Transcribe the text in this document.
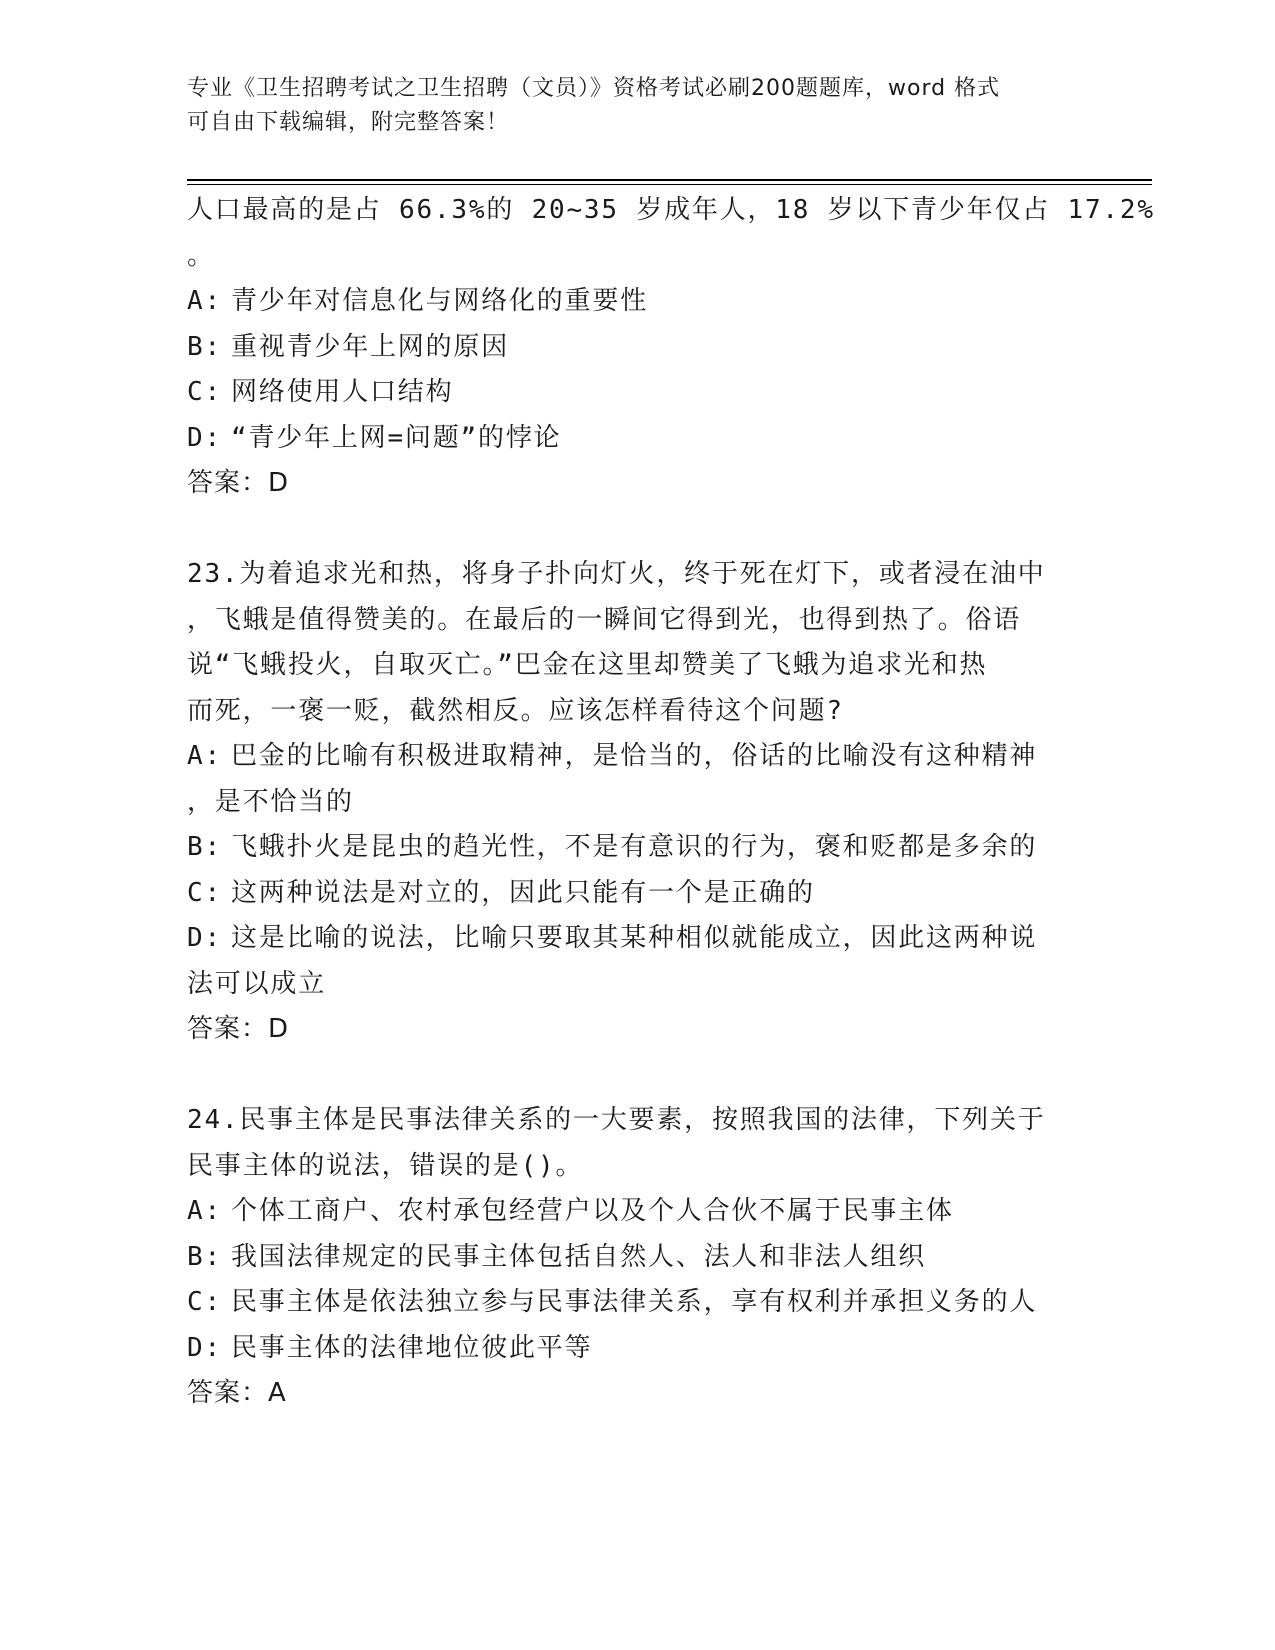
专业《卫生招聘考试之卫生招聘（文员）》资格考试必刷200题题库，word 格式
可自由下载编辑，附完整答案！
人口最高的是占 66.3%的 20~35 岁成年人，18 岁以下青少年仅占 17.2%
。
A: 青少年对信息化与网络化的重要性
B: 重视青少年上网的原因
C: 网络使用人口结构
D: “青少年上网=问题”的悖论
答案：D
23.为着追求光和热，将身子扑向灯火，终于死在灯下，或者浸在油中
，飞蛾是值得赞美的。在最后的一瞬间它得到光，也得到热了。俗语
说“飞蛾投火，自取灭亡。”巴金在这里却赞美了飞蛾为追求光和热
而死，一褒一贬，截然相反。应该怎样看待这个问题?
A: 巴金的比喻有积极进取精神，是恰当的，俗话的比喻没有这种精神
，是不恰当的
B: 飞蛾扑火是昆虫的趋光性，不是有意识的行为，褒和贬都是多余的
C: 这两种说法是对立的，因此只能有一个是正确的
D: 这是比喻的说法，比喻只要取其某种相似就能成立，因此这两种说
法可以成立
答案：D
24.民事主体是民事法律关系的一大要素，按照我国的法律，下列关于
民事主体的说法，错误的是()。
A: 个体工商户、农村承包经营户以及个人合伙不属于民事主体
B: 我国法律规定的民事主体包括自然人、法人和非法人组织
C: 民事主体是依法独立参与民事法律关系，享有权利并承担义务的人
D: 民事主体的法律地位彼此平等
答案：A
